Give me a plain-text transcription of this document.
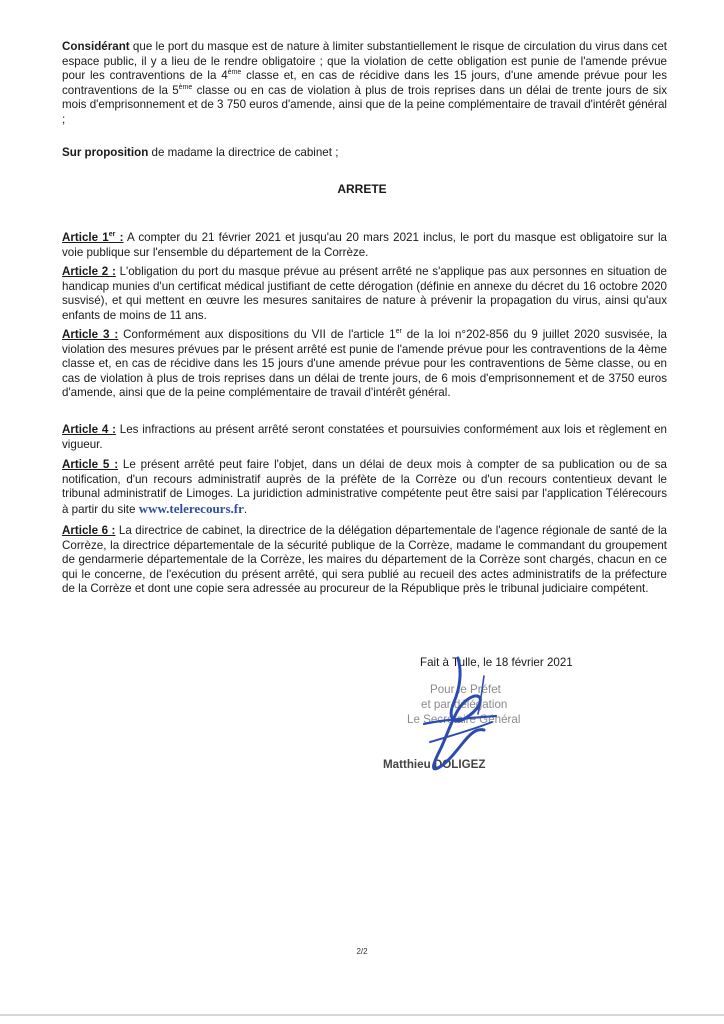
Considérant que le port du masque est de nature à limiter substantiellement le risque de circulation du virus dans cet espace public, il y a lieu de le rendre obligatoire ; que la violation de cette obligation est punie de l'amende prévue pour les contraventions de la 4ème classe et, en cas de récidive dans les 15 jours, d'une amende prévue pour les contraventions de la 5ème classe ou en cas de violation à plus de trois reprises dans un délai de trente jours de six mois d'emprisonnement et de 3 750 euros d'amende, ainsi que de la peine complémentaire de travail d'intérêt général ;

Sur proposition de madame la directrice de cabinet ;

ARRETE

Article 1er : A compter du 21 février 2021 et jusqu'au 20 mars 2021 inclus, le port du masque est obligatoire sur la voie publique sur l'ensemble du département de la Corrèze.

Article 2 : L'obligation du port du masque prévue au présent arrêté ne s'applique pas aux personnes en situation de handicap munies d'un certificat médical justifiant de cette dérogation (définie en annexe du décret du 16 octobre 2020 susvisé), et qui mettent en œuvre les mesures sanitaires de nature à prévenir la propagation du virus, ainsi qu'aux enfants de moins de 11 ans.

Article 3 : Conformément aux dispositions du VII de l'article 1er de la loi n°202-856 du 9 juillet 2020 susvisée, la violation des mesures prévues par le présent arrêté est punie de l'amende prévue pour les contraventions de la 4ème classe et, en cas de récidive dans les 15 jours d'une amende prévue pour les contraventions de 5ème classe, ou en cas de violation à plus de trois reprises dans un délai de trente jours, de 6 mois d'emprisonnement et de 3750 euros d'amende, ainsi que de la peine complémentaire de travail d'intérêt général.

Article 4 : Les infractions au présent arrêté seront constatées et poursuivies conformément aux lois et règlement en vigueur.

Article 5 : Le présent arrêté peut faire l'objet, dans un délai de deux mois à compter de sa publication ou de sa notification, d'un recours administratif auprès de la préfète de la Corrèze ou d'un recours contentieux devant le tribunal administratif de Limoges. La juridiction administrative compétente peut être saisi par l'application Télérecours à partir du site www.telerecours.fr.

Article 6 : La directrice de cabinet, la directrice de la délégation départementale de l'agence régionale de santé de la Corrèze, la directrice départementale de la sécurité publique de la Corrèze, madame le commandant du groupement de gendarmerie départementale de la Corrèze, les maires du département de la Corrèze sont chargés, chacun en ce qui le concerne, de l'exécution du présent arrêté, qui sera publié au recueil des actes administratifs de la préfecture de la Corrèze et dont une copie sera adressée au procureur de la République près le tribunal judiciaire compétent.

Fait à Tulle, le 18 février 2021
Pour le Préfet
et par délégation
Le Secrétaire Général
Matthieu DOLIGEZ
2/2
